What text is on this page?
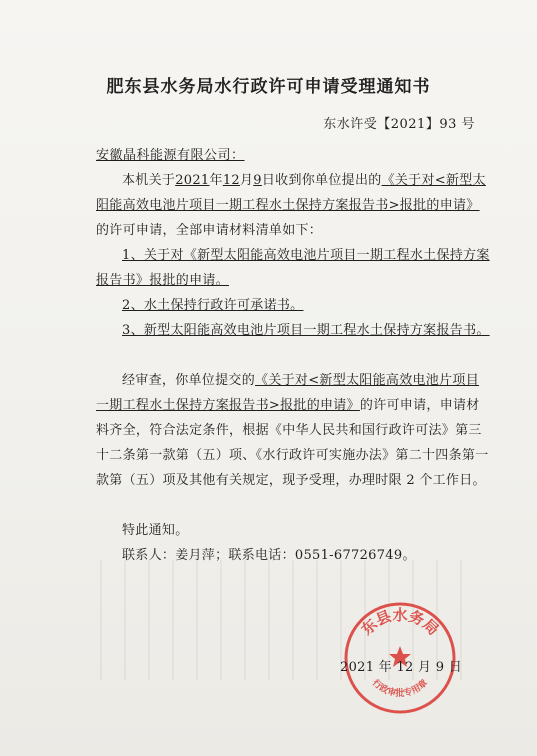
肥东县水务局水行政许可申请受理通知书
东水许受【2021】93 号
安徽晶科能源有限公司：
本机关于2021年12月9日收到你单位提出的《关于对<新型太阳能高效电池片项目一期工程水土保持方案报告书>报批的申请》的许可申请，全部申请材料清单如下：
1、关于对《新型太阳能高效电池片项目一期工程水土保持方案报告书》报批的申请。
2、水土保持行政许可承诺书。
3、新型太阳能高效电池片项目一期工程水土保持方案报告书。
经审查，你单位提交的《关于对<新型太阳能高效电池片项目一期工程水土保持方案报告书>报批的申请》的许可申请，申请材料齐全，符合法定条件，根据《中华人民共和国行政许可法》第三十二条第一款第（五）项、《水行政许可实施办法》第二十四条第一款第（五）项及其他有关规定，现予受理，办理时限 2 个工作日。
特此通知。
联系人：姜月萍；联系电话：0551-67726749。
东县水务局
行政审批专用章
2021 年 12 月 9 日
